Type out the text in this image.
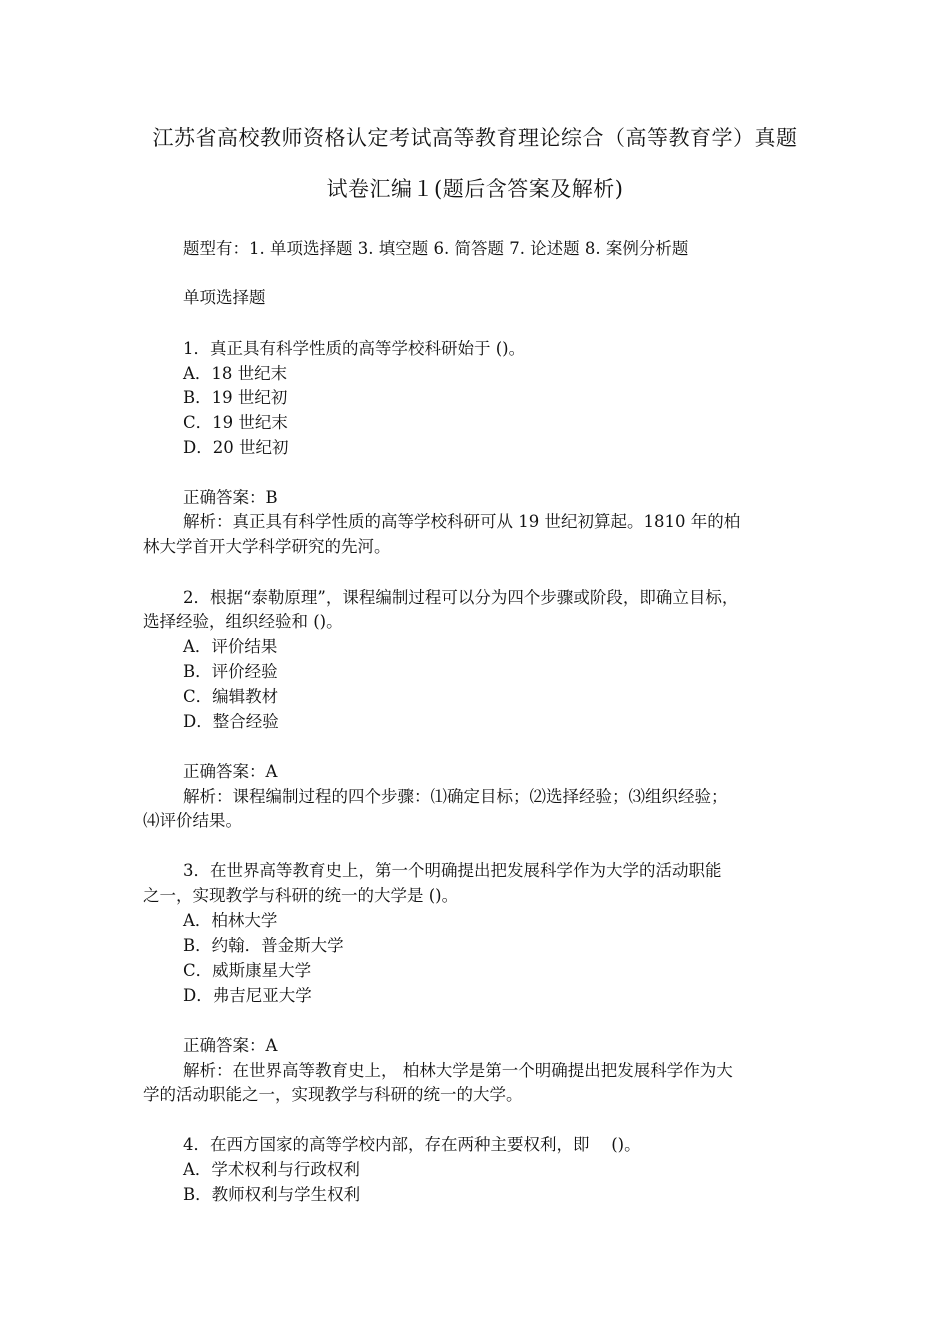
江苏省高校教师资格认定考试高等教育理论综合（高等教育学）真题
试卷汇编１(题后含答案及解析)
题型有：1. 单项选择题 3. 填空题 6. 简答题 7. 论述题 8. 案例分析题
单项选择题
1．真正具有科学性质的高等学校科研始于 ()。
A．18 世纪末
B．19 世纪初
C．19 世纪末
D．20 世纪初
正确答案：B
解析：真正具有科学性质的高等学校科研可从 19 世纪初算起。1810 年的柏
林大学首开大学科学研究的先河。
2．根据“泰勒原理”，课程编制过程可以分为四个步骤或阶段，即确立目标，
选择经验，组织经验和 ()。
A．评价结果
B．评价经验
C．编辑教材
D．整合经验
正确答案：A
解析：课程编制过程的四个步骤：⑴确定目标；⑵选择经验；⑶组织经验；
⑷评价结果。
3．在世界高等教育史上，第一个明确提出把发展科学作为大学的活动职能
之一，实现教学与科研的统一的大学是 ()。
A．柏林大学
B．约翰．普金斯大学
C．威斯康星大学
D．弗吉尼亚大学
正确答案：A
解析：在世界高等教育史上， 柏林大学是第一个明确提出把发展科学作为大
学的活动职能之一，实现教学与科研的统一的大学。
4．在西方国家的高等学校内部，存在两种主要权利，即　 ()。
A．学术权利与行政权利
B．教师权利与学生权利
